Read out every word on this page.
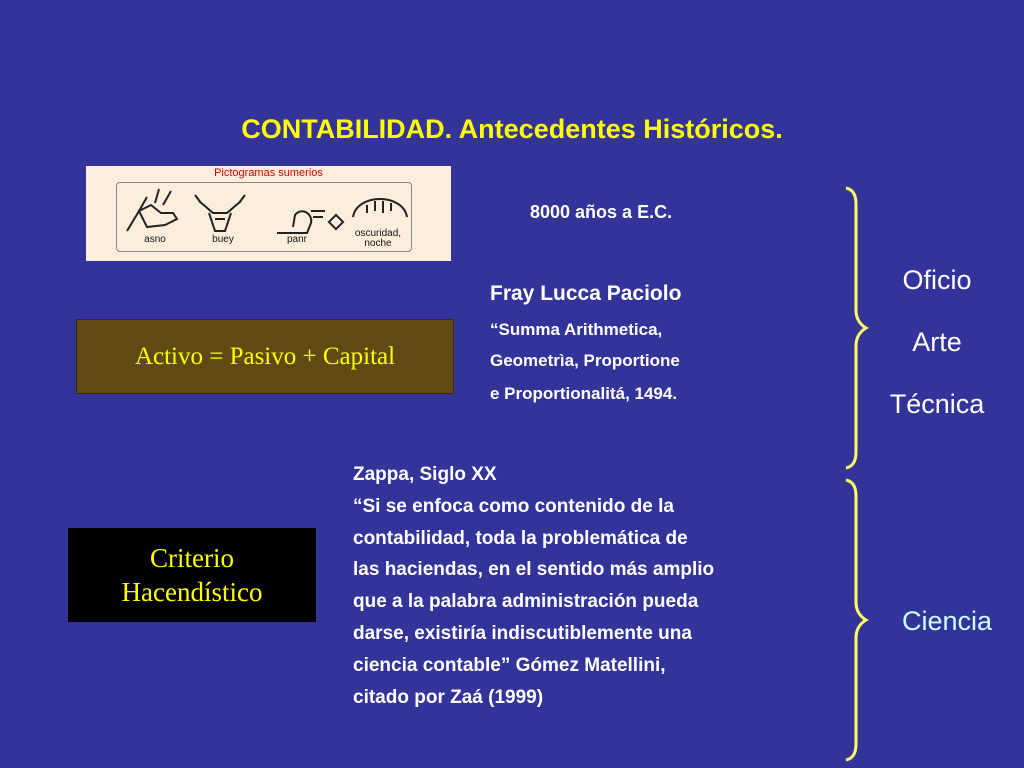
CONTABILIDAD. Antecedentes Históricos.
Pictogramas sumerios
asno	buey	panr
oscuridad,
noche
8000 años a E.C.
Fray Lucca Paciolo
“Summa Arithmetica,
Geometrìa, Proportione
e Proportionalitá, 1494.
Activo = Pasivo + Capital
Criterio
Hacendístico
Zappa, Siglo XX
“Si se enfoca como contenido de la
contabilidad, toda la problemática de
las haciendas, en el sentido más amplio
que a la palabra administración pueda
darse, existiría indiscutiblemente una
ciencia contable” Gómez Matellini,
citado por Zaá (1999)
Oficio
Arte
Técnica
Ciencia
